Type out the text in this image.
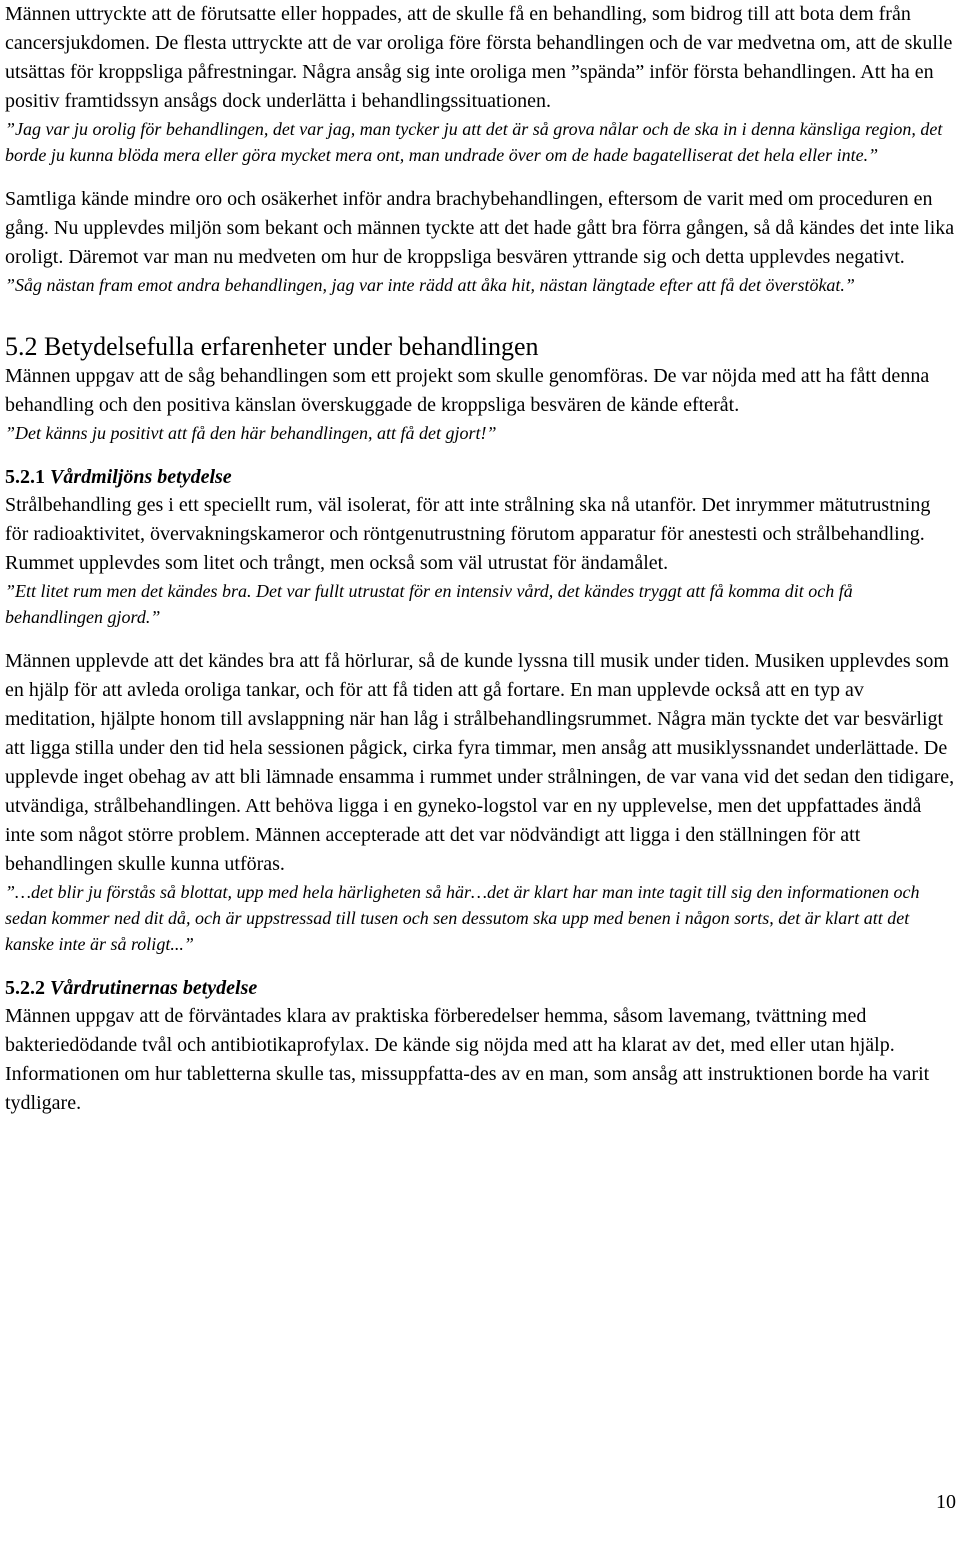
Männen uttryckte att de förutsatte eller hoppades, att de skulle få en behandling, som bidrog till att bota dem från cancersjukdomen. De flesta uttryckte att de var oroliga före första behandlingen och de var medvetna om, att de skulle utsättas för kroppsliga påfrestningar. Några ansåg sig inte oroliga men ”spända” inför första behandlingen. Att ha en positiv framtidssyn ansågs dock underlätta i behandlingssituationen.

”Jag var ju orolig för behandlingen, det var jag, man tycker ju att det är så grova nålar och de ska in i denna känsliga region, det borde ju kunna blöda mera eller göra mycket mera ont, man undrade över om de hade bagatelliserat det hela eller inte.”

Samtliga kände mindre oro och osäkerhet inför andra brachybehandlingen, eftersom de varit med om proceduren en gång. Nu upplevdes miljön som bekant och männen tyckte att det hade gått bra förra gången, så då kändes det inte lika oroligt. Däremot var man nu medveten om hur de kroppsliga besvären yttrande sig och detta upplevdes negativt.

”Såg nästan fram emot andra behandlingen, jag var inte rädd att åka hit, nästan längtade efter att få det överstökat.”

5.2 Betydelsefulla erfarenheter under behandlingen

Männen uppgav att de såg behandlingen som ett projekt som skulle genomföras. De var nöjda med att ha fått denna behandling och den positiva känslan överskuggade de kroppsliga besvären de kände efteråt.

”Det känns ju positivt att få den här behandlingen, att få det gjort!”

5.2.1 Vårdmiljöns betydelse

Strålbehandling ges i ett speciellt rum, väl isolerat, för att inte strålning ska nå utanför. Det inrymmer mätutrustning för radioaktivitet, övervakningskameror och röntgenutrustning förutom apparatur för anestesti och strålbehandling. Rummet upplevdes som litet och trångt, men också som väl utrustat för ändamålet.

”Ett litet rum men det kändes bra. Det var fullt utrustat för en intensiv vård, det kändes tryggt att få komma dit och få behandlingen gjord.”

Männen upplevde att det kändes bra att få hörlurar, så de kunde lyssna till musik under tiden. Musiken upplevdes som en hjälp för att avleda oroliga tankar, och för att få tiden att gå fortare. En man upplevde också att en typ av meditation, hjälpte honom till avslappning när han låg i strålbehandlingsrummet. Några män tyckte det var besvärligt att ligga stilla under den tid hela sessionen pågick, cirka fyra timmar, men ansåg att musiklyssnandet underlättade. De upplevde inget obehag av att bli lämnade ensamma i rummet under strålningen, de var vana vid det sedan den tidigare, utvändiga, strålbehandlingen. Att behöva ligga i en gyneko-logstol var en ny upplevelse, men det uppfattades ändå inte som något större problem. Männen accepterade att det var nödvändigt att ligga i den ställningen för att behandlingen skulle kunna utföras.

”…det blir ju förstås så blottat, upp med hela härligheten så här…det är klart har man inte tagit till sig den informationen och sedan kommer ned dit då, och är uppstressad till tusen och sen dessutom ska upp med benen i någon sorts, det är klart att det kanske inte är så roligt...”

5.2.2 Vårdrutinernas betydelse

Männen uppgav att de förväntades klara av praktiska förberedelser hemma, såsom lavemang, tvättning med bakteriedödande tvål och antibiotikaprofylax. De kände sig nöjda med att ha klarat av det, med eller utan hjälp. Informationen om hur tabletterna skulle tas, missuppfatta-des av en man, som ansåg att instruktionen borde ha varit tydligare.

10
